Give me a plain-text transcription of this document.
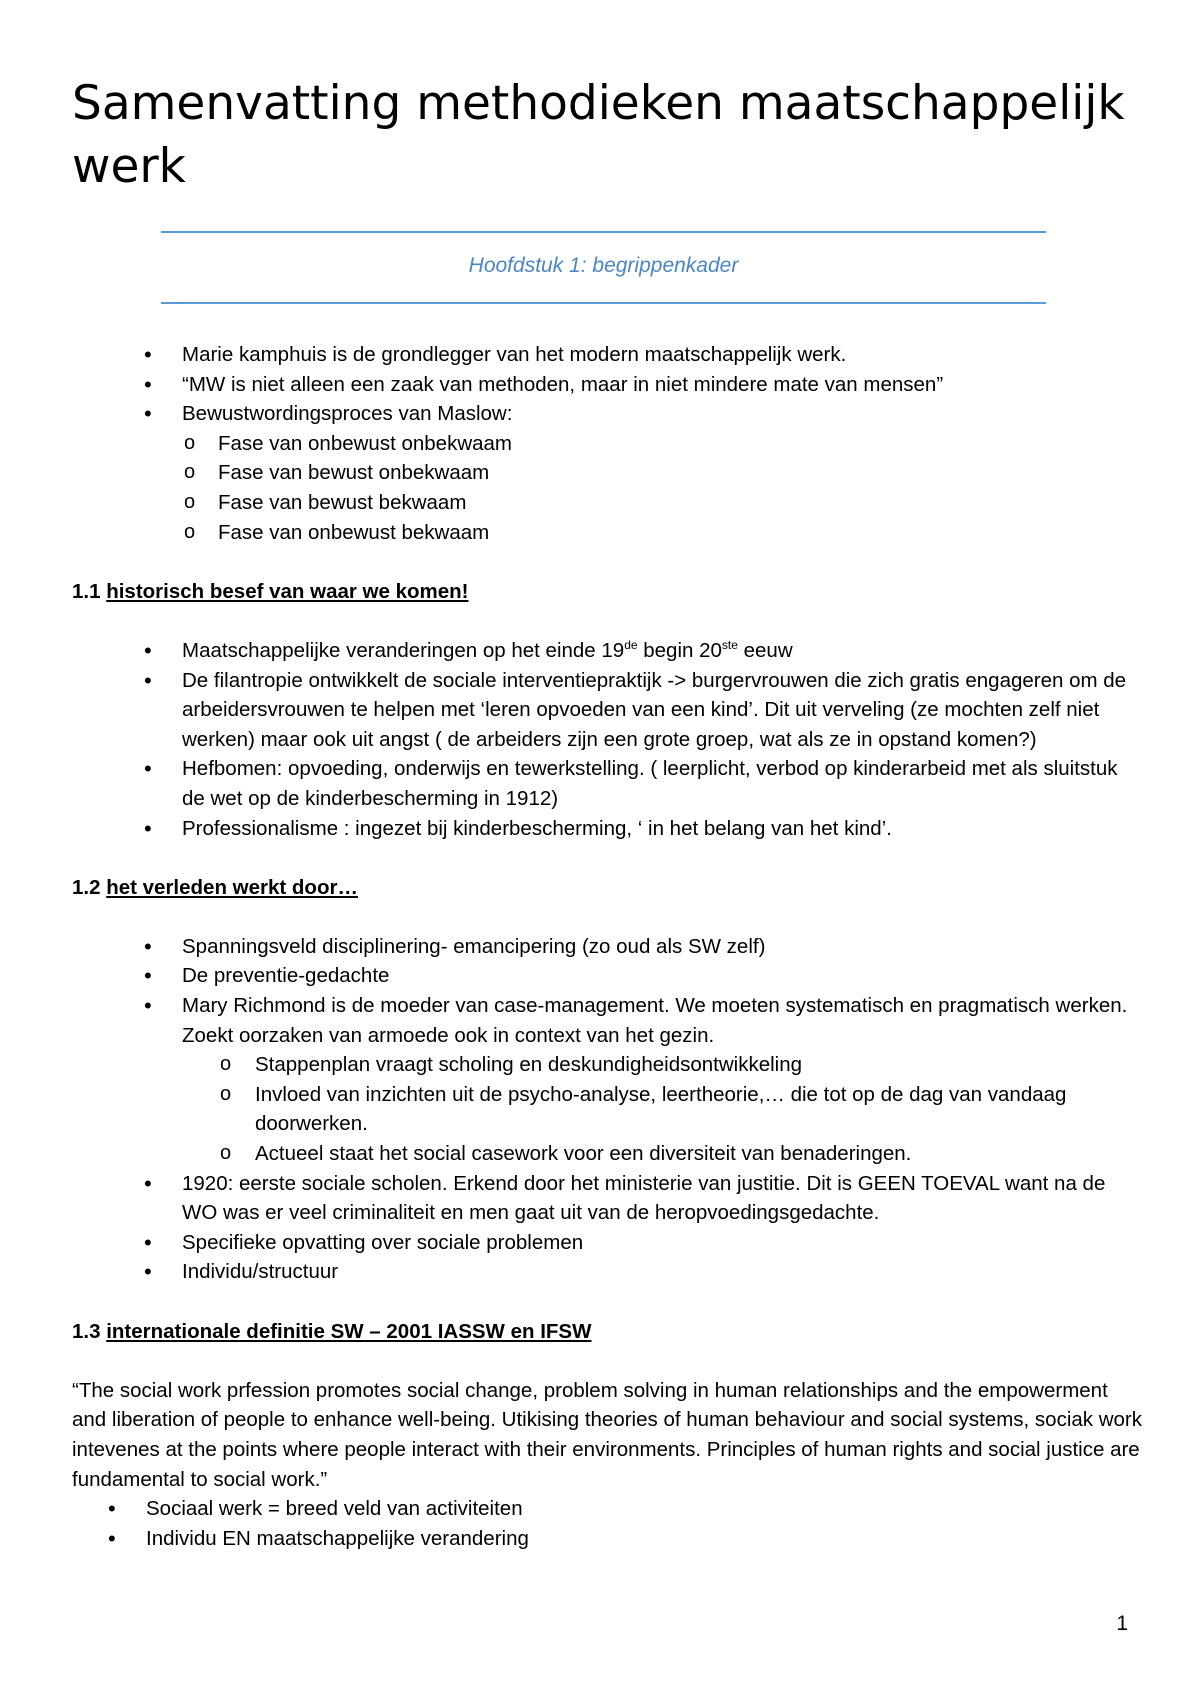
Samenvatting methodieken maatschappelijk werk
Hoofdstuk 1: begrippenkader
• Marie kamphuis is de grondlegger van het modern maatschappelijk werk.
• “MW is niet alleen een zaak van methoden, maar in niet mindere mate van mensen”
• Bewustwordingsproces van Maslow:
o Fase van onbewust onbekwaam
o Fase van bewust onbekwaam
o Fase van bewust bekwaam
o Fase van onbewust bekwaam

1.1 historisch besef van waar we komen!

• Maatschappelijke veranderingen op het einde 19de begin 20ste eeuw
• De filantropie ontwikkelt de sociale interventiepraktijk -> burgervrouwen die zich gratis engageren om de arbeidersvrouwen te helpen met ‘leren opvoeden van een kind’. Dit uit verveling (ze mochten zelf niet werken) maar ook uit angst ( de arbeiders zijn een grote groep, wat als ze in opstand komen?)
• Hefbomen: opvoeding, onderwijs en tewerkstelling. ( leerplicht, verbod op kinderarbeid met als sluitstuk de wet op de kinderbescherming in 1912)
• Professionalisme : ingezet bij kinderbescherming, ‘ in het belang van het kind’.

1.2 het verleden werkt door…

• Spanningsveld disciplinering- emancipering (zo oud als SW zelf)
• De preventie-gedachte
• Mary Richmond is de moeder van case-management. We moeten systematisch en pragmatisch werken. Zoekt oorzaken van armoede ook in context van het gezin.
o Stappenplan vraagt scholing en deskundigheidsontwikkeling
o Invloed van inzichten uit de psycho-analyse, leertheorie,… die tot op de dag van vandaag doorwerken.
o Actueel staat het social casework voor een diversiteit van benaderingen.
• 1920: eerste sociale scholen. Erkend door het ministerie van justitie. Dit is GEEN TOEVAL want na de WO was er veel criminaliteit en men gaat uit van de heropvoedingsgedachte.
• Specifieke opvatting over sociale problemen
• Individu/structuur

1.3 internationale definitie SW – 2001 IASSW en IFSW

“The social work prfession promotes social change, problem solving in human relationships and the empowerment and liberation of people to enhance well-being. Utikising theories of human behaviour and social systems, sociak work intevenes at the points where people interact with their environments. Principles of human rights and social justice are fundamental to social work.”

• Sociaal werk = breed veld van activiteiten
• Individu EN maatschappelijke verandering
1
